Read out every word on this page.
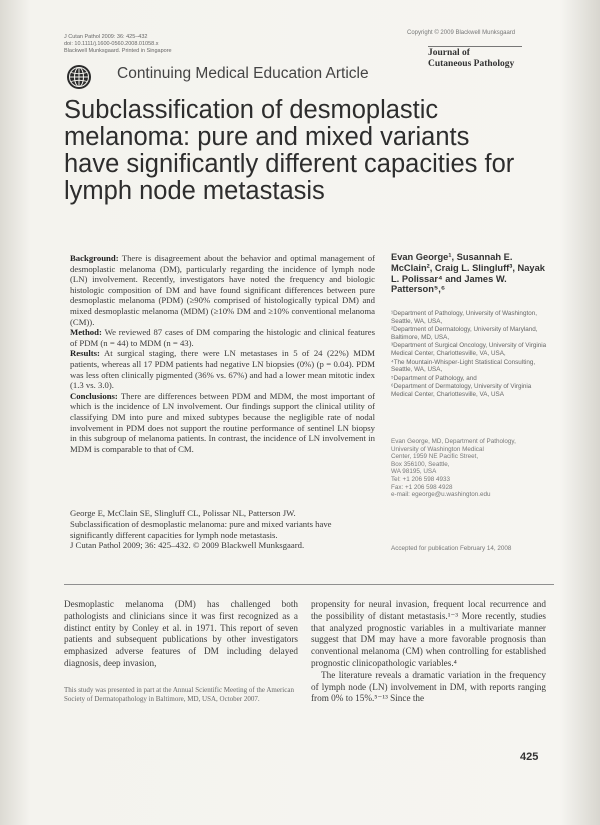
J Cutan Pathol 2009: 36: 425–432
doi: 10.1111/j.1600-0560.2008.01058.x
Blackwell Munksgaard. Printed in Singapore
Copyright © 2009 Blackwell Munksgaard
Journal of
Cutaneous Pathology
Continuing Medical Education Article
Subclassification of desmoplastic
melanoma: pure and mixed variants
have significantly different capacities for
lymph node metastasis

Background: There is disagreement about the behavior and optimal management of desmoplastic melanoma (DM), particularly regarding the incidence of lymph node (LN) involvement. Recently, investigators have noted the frequency and biologic histologic composition of DM and have found significant differences between pure desmoplastic melanoma (PDM) (≥90% comprised of histologically typical DM) and mixed desmoplastic melanoma (MDM) (≥10% DM and ≥10% conventional melanoma (CM)).

Method: We reviewed 87 cases of DM comparing the histologic and clinical features of PDM (n = 44) to MDM (n = 43).

Results: At surgical staging, there were LN metastases in 5 of 24 (22%) MDM patients, whereas all 17 PDM patients had negative LN biopsies (0%) (p = 0.04). PDM was less often clinically pigmented (36% vs. 67%) and had a lower mean mitotic index (1.3 vs. 3.0).

Conclusions: There are differences between PDM and MDM, the most important of which is the incidence of LN involvement. Our findings support the clinical utility of classifying DM into pure and mixed subtypes because the negligible rate of nodal involvement in PDM does not support the routine performance of sentinel LN biopsy in this subgroup of melanoma patients. In contrast, the incidence of LN involvement in MDM is comparable to that of CM.

George E, McClain SE, Slingluff CL, Polissar NL, Patterson JW.
Subclassification of desmoplastic melanoma: pure and mixed variants have significantly different capacities for lymph node metastasis.
J Cutan Pathol 2009; 36: 425–432. © 2009 Blackwell Munksgaard.
Evan George¹, Susannah E. McClain², Craig L. Slingluff³, Nayak L. Polissar⁴ and James W. Patterson⁵,⁶

¹Department of Pathology, University of Washington, Seattle, WA, USA,

²Department of Dermatology, University of Maryland, Baltimore, MD, USA,

³Department of Surgical Oncology, University of Virginia Medical Center, Charlottesville, VA, USA,

⁴The Mountain-Whisper-Light Statistical Consulting, Seattle, WA, USA,

⁵Department of Pathology, and

⁶Department of Dermatology, University of Virginia Medical Center, Charlottesville, VA, USA

Evan George, MD, Department of Pathology,
University of Washington Medical
Center, 1959 NE Pacific Street,
Box 356100, Seattle,
WA 98195, USA
Tel: +1 206 598 4933
Fax: +1 206 598 4928
e-mail: egeorge@u.washington.edu
Accepted for publication February 14, 2008
Desmoplastic melanoma (DM) has challenged both pathologists and clinicians since it was first recognized as a distinct entity by Conley et al. in 1971. This report of seven patients and subsequent publications by other investigators emphasized adverse features of DM including delayed diagnosis, deep invasion,
This study was presented in part at the Annual Scientific Meeting of the American Society of Dermatopathology in Baltimore, MD, USA, October 2007.

propensity for neural invasion, frequent local recurrence and the possibility of distant metastasis.¹⁻³ More recently, studies that analyzed prognostic variables in a multivariate manner suggest that DM may have a more favorable prognosis than conventional melanoma (CM) when controlling for established prognostic clinicopathologic variables.⁴

The literature reveals a dramatic variation in the frequency of lymph node (LN) involvement in DM, with reports ranging from 0% to 15%.⁵⁻¹³ Since the

425
